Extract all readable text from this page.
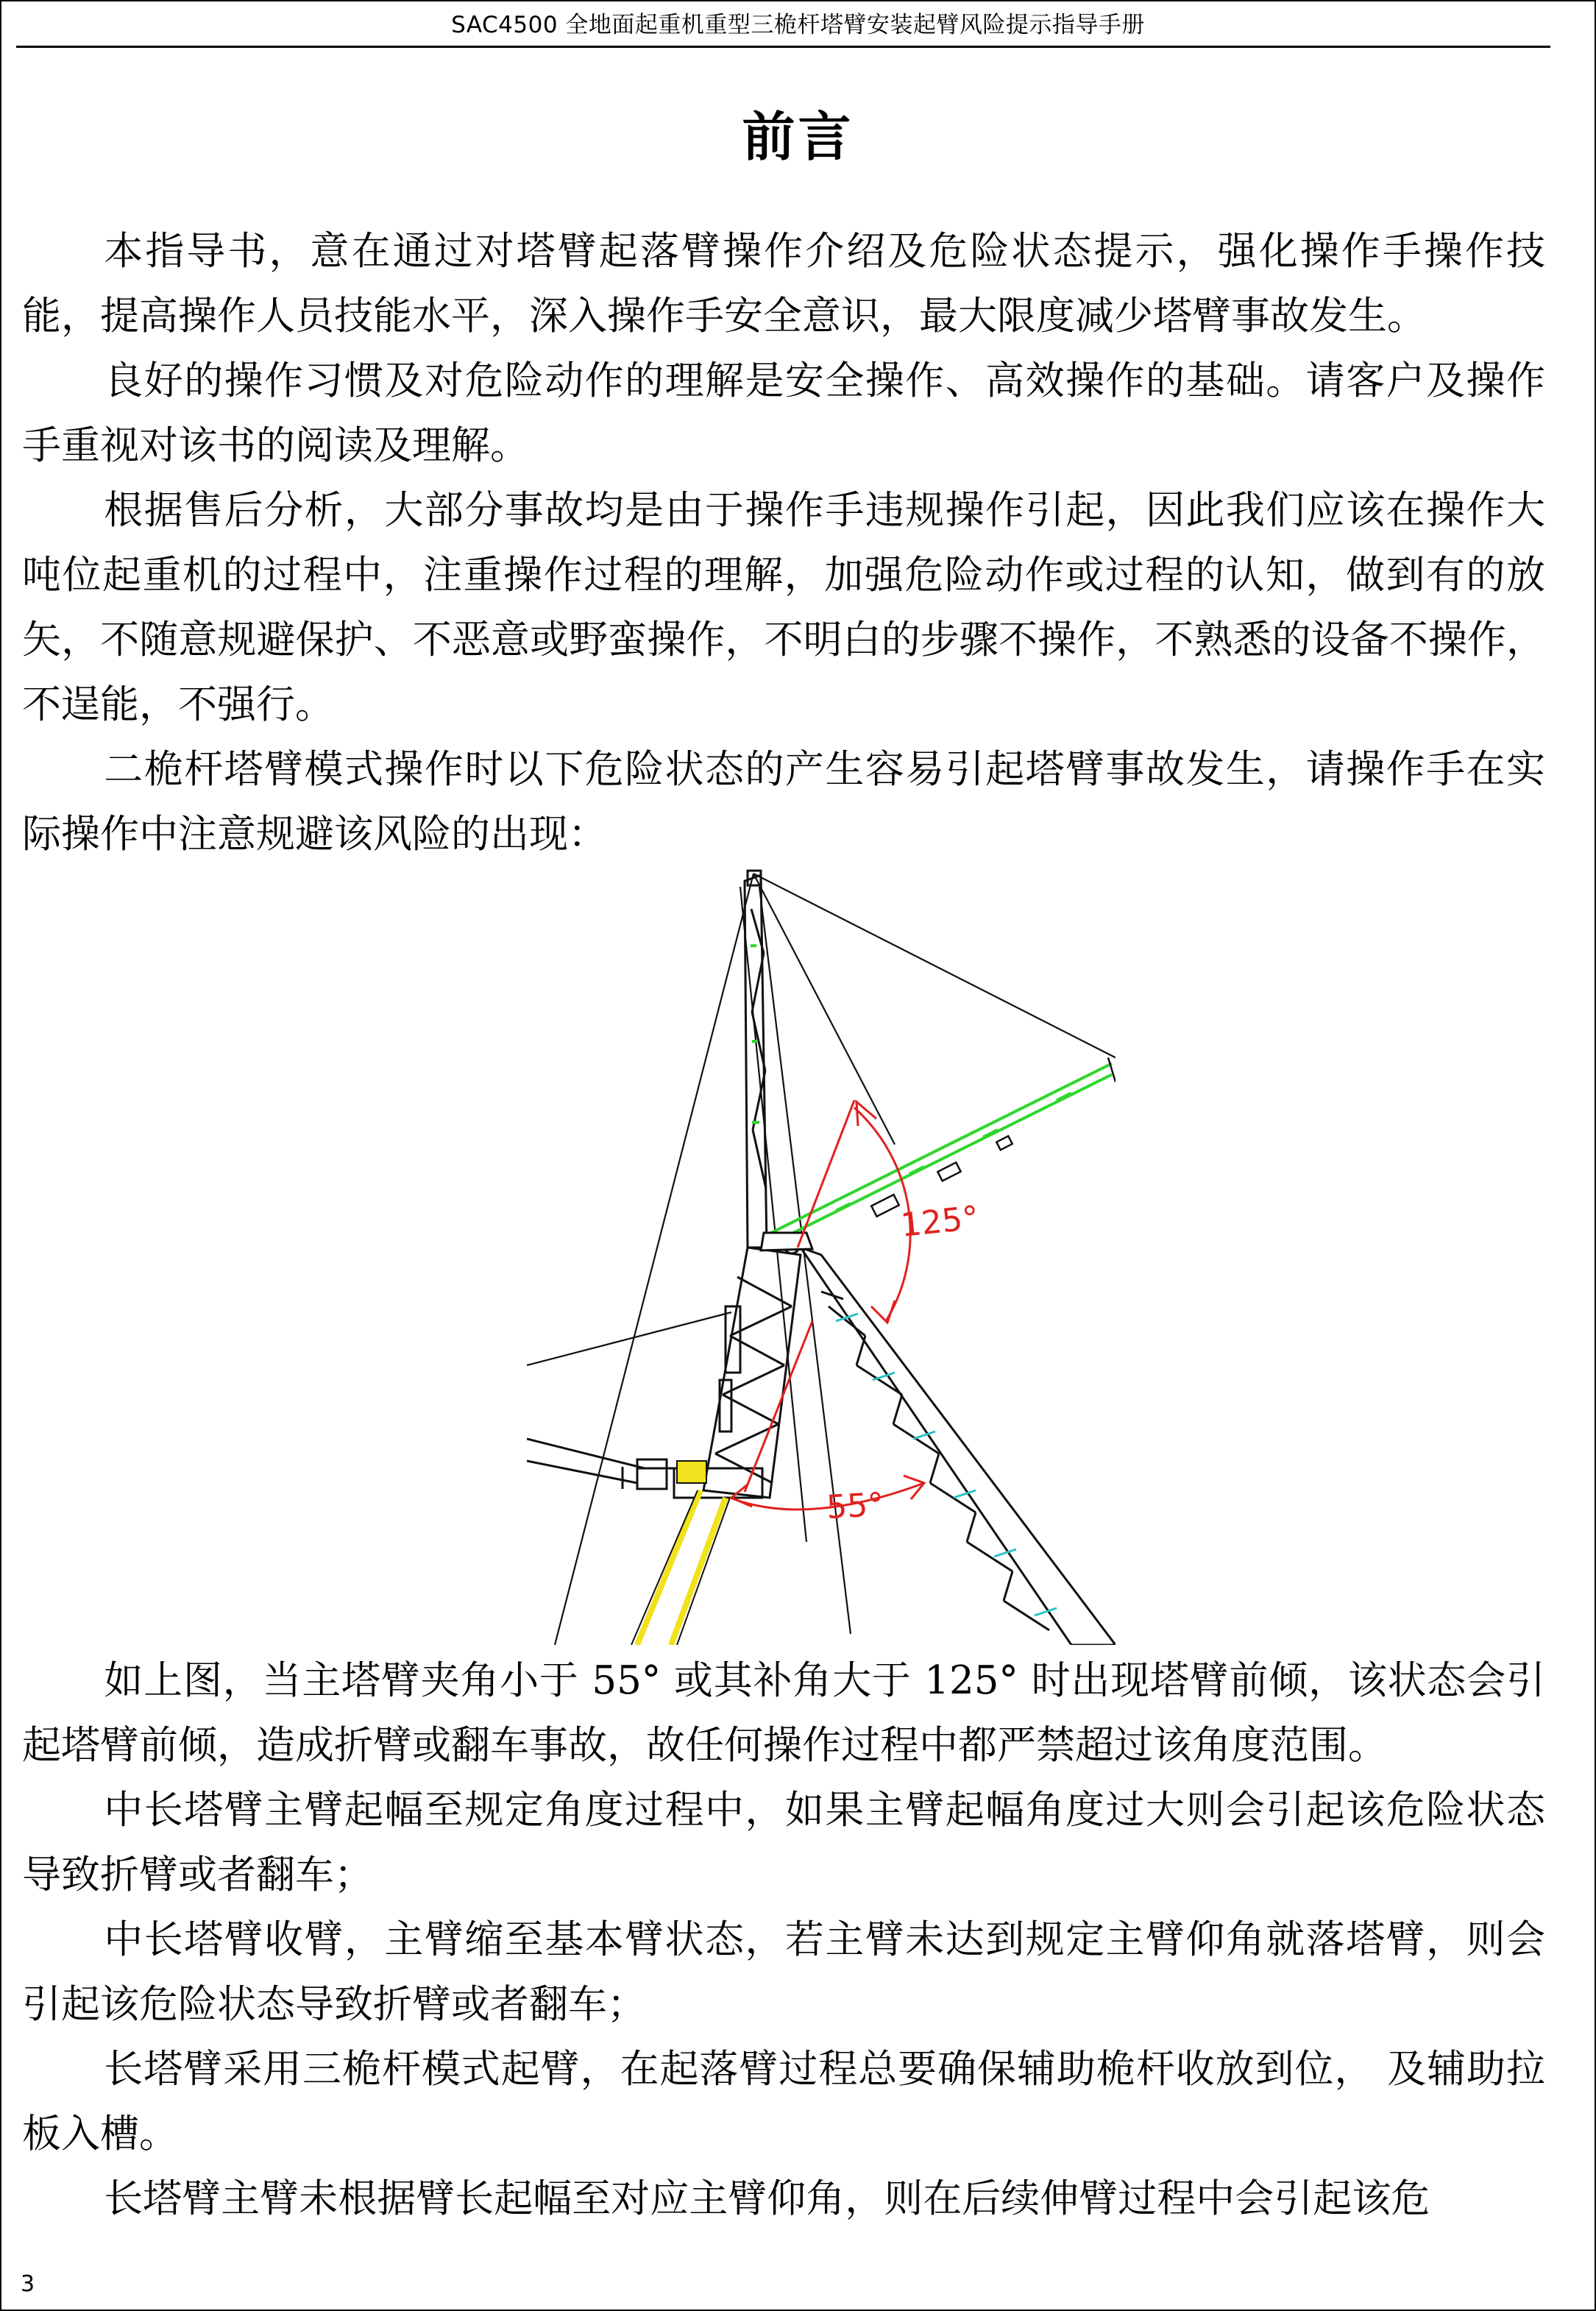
SAC4500 全地面起重机重型三桅杆塔臂安装起臂风险提示指导手册
前言

本指导书，意在通过对塔臂起落臂操作介绍及危险状态提示，强化操作手操作技能，提高操作人员技能水平，深入操作手安全意识，最大限度减少塔臂事故发生。

良好的操作习惯及对危险动作的理解是安全操作、高效操作的基础。请客户及操作手重视对该书的阅读及理解。

根据售后分析，大部分事故均是由于操作手违规操作引起，因此我们应该在操作大吨位起重机的过程中，注重操作过程的理解，加强危险动作或过程的认知，做到有的放矢，不随意规避保护、不恶意或野蛮操作，不明白的步骤不操作，不熟悉的设备不操作，不逞能，不强行。

二桅杆塔臂模式操作时以下危险状态的产生容易引起塔臂事故发生，请操作手在实际操作中注意规避该风险的出现：

125°
55°

如上图，当主塔臂夹角小于 55° 或其补角大于 125° 时出现塔臂前倾，该状态会引起塔臂前倾，造成折臂或翻车事故，故任何操作过程中都严禁超过该角度范围。

中长塔臂主臂起幅至规定角度过程中，如果主臂起幅角度过大则会引起该危险状态导致折臂或者翻车；

中长塔臂收臂，主臂缩至基本臂状态，若主臂未达到规定主臂仰角就落塔臂，则会引起该危险状态导致折臂或者翻车；

长塔臂采用三桅杆模式起臂，在起落臂过程总要确保辅助桅杆收放到位， 及辅助拉板入槽。

长塔臂主臂未根据臂长起幅至对应主臂仰角，则在后续伸臂过程中会引起该危

3
